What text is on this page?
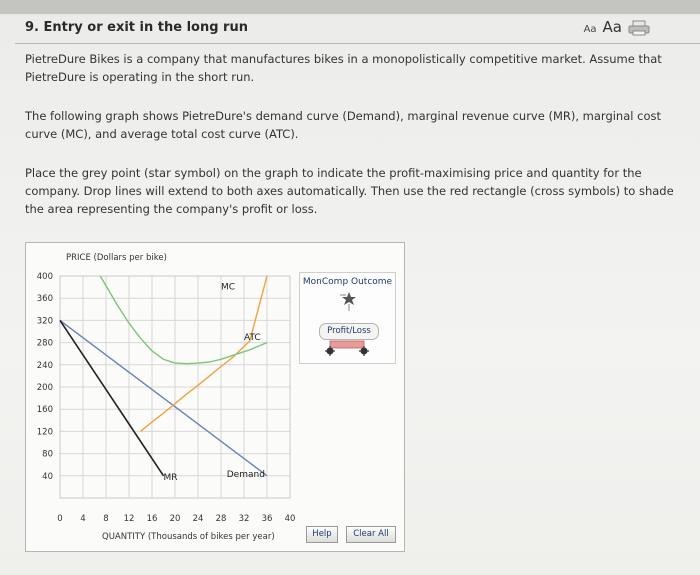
9. Entry or exit in the long run	Aa Aa
PietreDure Bikes is a company that manufactures bikes in a monopolistically competitive market. Assume that PietreDure is operating in the short run.
The following graph shows PietreDure's demand curve (Demand), marginal revenue curve (MR), marginal cost curve (MC), and average total cost curve (ATC).
Place the grey point (star symbol) on the graph to indicate the profit-maximising price and quantity for the company. Drop lines will extend to both axes automatically. Then use the red rectangle (cross symbols) to shade the area representing the company's profit or loss.
PRICE (Dollars per bike)
QUANTITY (Thousands of bikes per year)
0 4 8 12 16 20 24 28 32 36 40
40
80
120
160
200
240
280
320
360
400
MC
ATC
Demand
MR
MonComp Outcome
Profit/Loss
Help	Clear All
